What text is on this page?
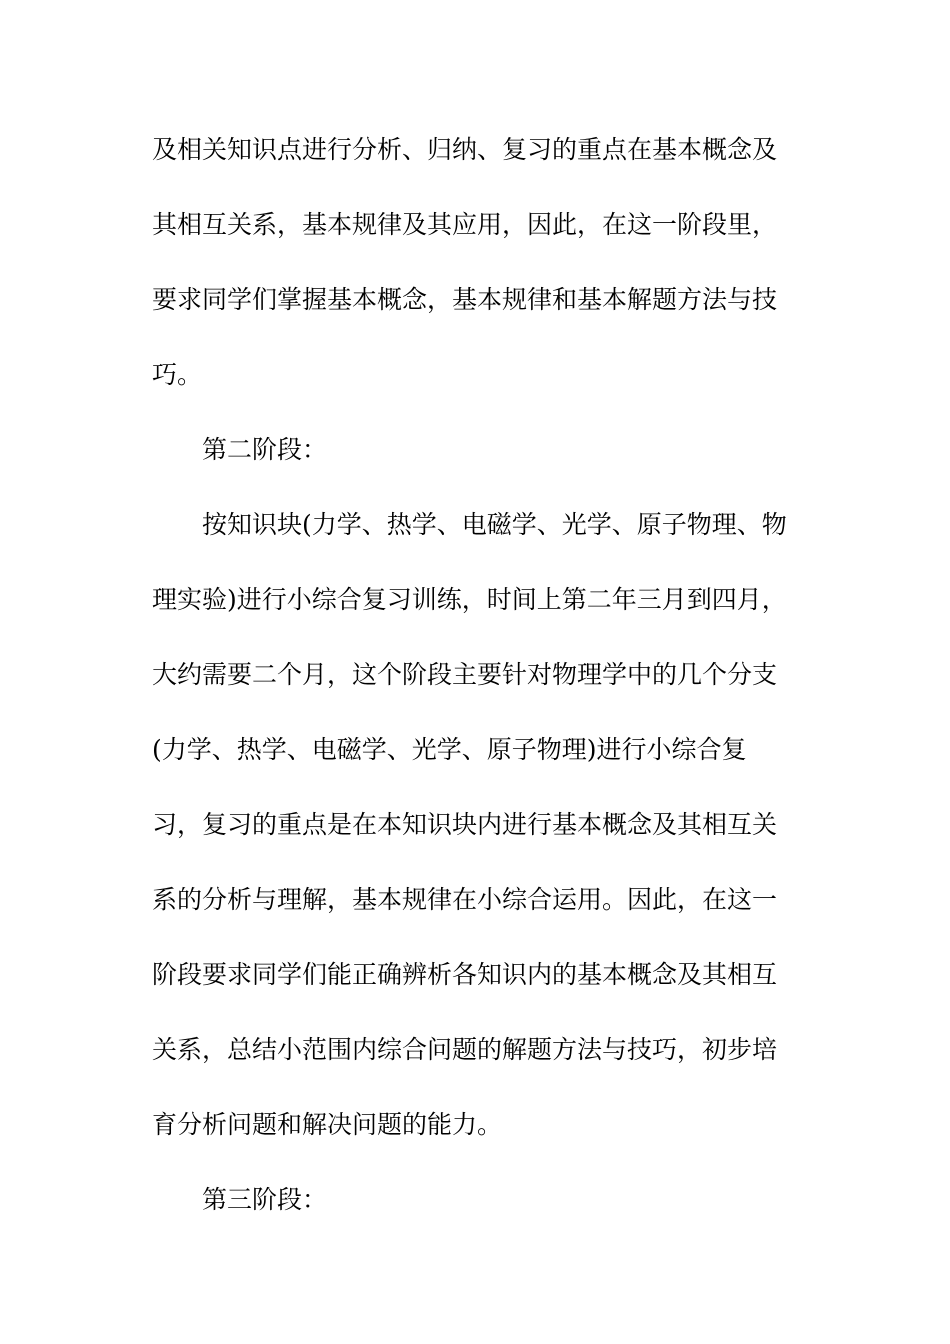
及相关知识点进行分析、归纳、复习的重点在基本概念及
其相互关系，基本规律及其应用，因此，在这一阶段里，
要求同学们掌握基本概念，基本规律和基本解题方法与技
巧。
第二阶段：
按知识块(力学、热学、电磁学、光学、原子物理、物
理实验)进行小综合复习训练，时间上第二年三月到四月，
大约需要二个月，这个阶段主要针对物理学中的几个分支
(力学、热学、电磁学、光学、原子物理)进行小综合复
习，复习的重点是在本知识块内进行基本概念及其相互关
系的分析与理解，基本规律在小综合运用。因此，在这一
阶段要求同学们能正确辨析各知识内的基本概念及其相互
关系，总结小范围内综合问题的解题方法与技巧，初步培
育分析问题和解决问题的能力。
第三阶段：
